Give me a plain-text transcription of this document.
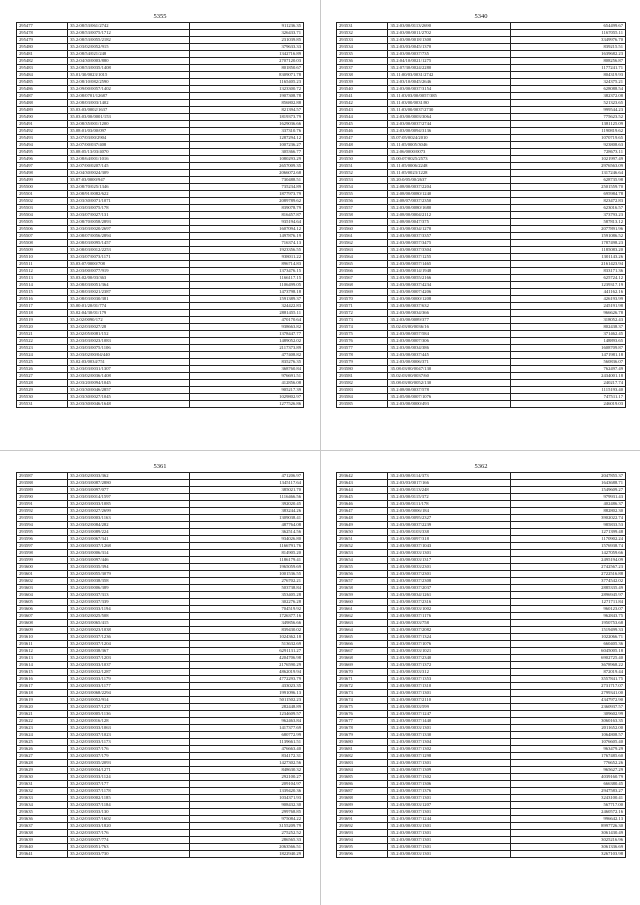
5355
295477	35.2:08/53/061/2742	911236.35
295478	35.2:08/53/0075/1712	326433.71
295479	35.2:08/53/0055/2182	231039.85
295480	35.2:03/02/0052/915	379633.33
295481	35.2:08/54/021/248	1342716.89
295482	35.2:04/30/0003/880	2707120.03
295483	35.2:08/53/0035/1408	801850.67
295484	35.01/30/0023/1015	8309071.78
295485	35.2:08/10/082/2590	1165405.23
295486	35.2:09/00/0057/1402	1323300.72
295487	35.2:08/0701/12687	1907308.78
295488	35.2:08/03/003/1402	856802.88
295489	35.03:03/0002/1637	821394.57
295490	35.03:03/00/0001/153	1819373.79
295491	35.2:08/35/001/1200	1629036.66
295492	35.08:01/03/00/097	337310.76
295493	35.2:07/03/00/2904	1287294.12
295494	35.2:07/00/037/408	1007236.27
295495	35.08:05/13/03/4070	305366.77
295496	35.2:08/64/001/1016	1080293.29
295497	35.2:07/00/0207/145	2657009.35
295498	35.2:04/30/0024/309	2066072.68
295499	35.07:03/0000/947	730488.51
295500	35.2:08/70/025/1346	735234.89
295501	35.2:08/91/0082/622	1877973.79
295502	35.2:03/30/0071/1071	2089789.62
295503	35.2:03/03/0075/178	839078.79
295504	35.2:03/07/0027/131	816457.87
295505	35.2:08/70/0058/2893	935194.64
295506	35.2:03/03/0020/2697	1607094.12
295507	35.2:08/07/0056/2894	1497876.19
295508	35.2:08/03/0095/1457	716374.13
295509	35.2:08/03/0012/2253	1923356.55
295510	35.2:03/07/0073/1171	938011.22
295511	35.03:07/0000/708	896714.83
295512	35.2:03/00/0077/919	1373476.15
295513	35.03:02/00/03/363	1166117.15
295514	35.2:08/03/0051/364	1106499.05
295515	35.2:08/03/0021/2387	1473798.18
295516	35.2:08/03/0030/381	1591389.37
295517	35.00:01/20/01/774	324422.83
295518	35.02:04/30/01/179	2881455.11
295519	35.2:02/0090/172	470170.64
295520	35.2:02/03/0027/28	938663.82
295521	35.2:02/05/0081/152	1378447.77
295522	35.2:03/03/0023/1083	1489052.02
295523	35.2:03/03/0075/1106	2117373.89
295524	35.2:03/02/00/04/440	477408.82
295525	35.02:03/0034/751	835276.35
295526	35.2:03/03/0031/1307	368760.84
295527	35.2:03/02/0036/1408	976691.51
295528	35.2:03/20/0094/1045	412856.08
295529	35.2:03/30/0046/2857	905217.39
295530	35.2:03/30/0027/1045	1029802.97
295531	35.2:03/30/0046/1648	1277526.86
5340
293531	35.2:03/00/0113/2690	654499.67
293532	35.2:03/00/0011/2702	1167055.11
293533	35.2:03/00/0018/1300	3349976.70
293534	35.2:03/03/0045/1370	839215.51
293535	35.2:03/00/0037/735	1639682.23
293536	35.2:04/10/0021/1275	808256.87
293537	35.2:07/30/0024/2280	1177241.71
293538	35.11:00/03/0031/2742	804319.93
293539	35.2:03/10/0045/2646	324375.21
293540	35.2:03/00/0037/3154	628088.54
293541	35.11:03/03/00/0057/385	382372.08
293542	35.11:03/00/0031/80	521323.65
293543	35.11:03/00/0037/2730	999544.23
293544	35.2:03/00/0003/3064	775623.52
293545	35.2:03/00/0037/2744	1381125.09
293546	35.2:03/00/0094/3136	1190819.62
293547	35.07:05/0024/2010	1070719.65
293548	35.11:05/0005/3046	923808.63
293549	35.2:06/0000/0073	728673.11
293550	35.00:07/0025/2573	1021997.49
293551	35.11:05/0006/2248	2976563.09
293552	35.11:05/0023/1228	1317246.64
293553	35.20:0/05/00/2637	628735.98
293554	35.2:08/00/0037/2204	2501559.70
293555	35.2:08/00/0080/1240	695984.78
293556	35.2:08/07/0037/2350	823472.83
293557	35.2:03/00/0080/1680	623016.57
293558	35.2:08/00/0004/2112	373793.23
293559	35.2:08/00/0047/375	587813.12
293560	35.2:03/00/0034/1270	2077891.96
293561	35.2:03/00/0037/3357	1591086.52
293562	35.2:03/00/0057/3475	1787498.23
293563	35.2:03/00/0037/3304	1185083.20
293564	35.2:03/00/0037/1255	1301143.26
293565	35.2:03/00/0057/1465	2161423.94
293566	35.2:03/00/0014/1948	833171.36
293567	35.2:03/00/0055/2166	625724.12
293568	35.2:03/00/0037/4234	1239317.19
293569	35.2:03/00/0007/4206	441162.16
293570	35.2:03/00/0000/1208	426193.99
293571	35.2:03/00/0037/632	245191.98
293572	35.2:03/00/0034/366	966626.78
293573	35.2:03/00/0089/377	318052.43
293574	35.02:03/00/0036/16	802438.37
293575	35.2:03/00/0057/584	371462.45
293576	35.2:03/00/0007/306	148893.65
293577	35.2:03/00/0034/386	1608709.87
293578	35.2:03/00/0037/445	1471981.18
293579	35.2:03/00/0006/371	560836.07
293580	35.08:03/00/0047/130	762497.49
293581	35.02:03/00/0037/60	2434001.18
293582	35.08:03/00/0052/130	240217.74
293583	35.2:08/00/0037/578	1115193.40
293584	35.2:05/00/0007/1076	747511.17
293585	35.2:03/00/0000/493	246019.03
5361
293587	35.2:03/02/0033/362	471206.97
293588	35.2:03/03/0087/2880	1345117.64
293589	35.2:03/03/0097/077	385021.70
293590	35.2:03/03/0014/1597	1116466.56
293591	35.2:02/03/0033/1085	392020.45
293592	35.2:02/03/0027/2699	383244.26
293593	35.2:03/03/0003/1163	1309038.41
293594	35.2:03/02/0084/282	487764.08
293595	35.2:02/03/0089/224	362514.56
293596	35.2:02/03/0067/341	934026.80
293597	35.2:03/03/0037/1268	1166791.76
293598	35.2:03/03/0006/314	814905.20
293599	35.2:03/03/0097/446	1186179.41
293600	35.2:03/03/0035/394	1965059.69
293601	35.2:02/03/0055/3079	1001536.55
293602	35.2:02/03/0038/358	276702.21
293603	35.2:02/03/0006/389	503738.84
293604	35.2:02/03/0037/313	353405.28
293605	35.2:02/03/0037/339	302276.28
293606	35.2:02/03/0033/1194	704519.92
293607	35.2:03/02/0025/508	1726377.16
293608	35.2:02/03/0065/415	349856.66
293609	35.2:02/03/0023/1038	839430.02
293610	35.2:02/03/0037/1236	1024362.18
293611	35.2:02/03/0037/1204	513632.69
293612	35.2:02/03/0038/367	6291131.27
293613	35.2:02/03/0037/1203	4204706.98
293614	35.2:02/03/0033/1037	2176590.29
293615	35.2:02/03/0032/1287	4862019.94
293616	35.2:02/03/0033/1179	4772293.79
293617	35.2:02/03/0033/1177	433023.35
293618	35.2:02/03/0068/2294	1991096.13
293619	35.2:02/03/0052/914	5011502.23
293620	35.2:02/03/0037/1237	282448.89
293621	35.2:02/03/0005/1136	1234609.57
293622	35.2:02/03/0016/128	962463.84
293623	35.2:02/03/0033/1063	1417377.69
293624	35.2:02/03/0037/1023	680772.99
293625	35.2:02/03/0033/1173	1139661.51
293626	35.2:02/03/0037/176	476663.40
293627	35.2:02/03/0037/179	834172.31
293628	35.2:02/03/0035/2093	1427302.56
293629	35.2:02/03/0034/1271	848630.32
293630	35.2:02/03/0033/1124	292100.27
293631	35.2:02/03/0037/177	209104.97
293632	35.2:02/03/0037/1178	1339420.36
293633	35.2:02/03/0002/1185	1034371.93
293634	35.2:02/03/0037/1184	908432.30
293635	35.2:02/03/0033/130	299768.85
293636	35.2:02/03/0037/1602	975084.22
293637	35.2:02/03/0033/1820	3155209.79
293638	35.2:02/03/0037/176	275252.52
293639	35.2:02/03/0037/774	286565.33
293640	35.2:02/03/0051/763	2063566.51
293641	35.2:02/03/0033/730	1822940.29
5362
293642	35.2:03/00/0114/373	2047855.37
293643	35.2:03/03/0017/166	1643688.71
293644	35.2:03/00/0113/248	1549609.27
293645	35.2:03/00/0115/372	979931.43
293646	35.2:03/00/0111/178	402486.37
293647	35.2:03/00/0006/184	882802.30
293648	35.2:03/00/0095/2327	3902022.74
293649	35.2:03/00/0037/2239	985833.53
293650	35.2:03/00/0103/338	1271399.48
293651	35.2:03/00/0097/318	1170902.24
293652	35.2:03/00/0037/1043	1576938.74
293653	35.2:03/00/0033/1301	1427059.66
293654	35.2:03/00/0033/1317	2495194.09
293655	35.2:03/00/0033/2301	2742567.23
293656	35.2:03/00/0037/2301	2722516.88
293657	35.2:03/00/0037/2308	3774542.02
293658	35.2:03/00/0037/2037	2885335.49
293659	35.2:03/00/0034/1261	2896945.97
293660	35.2:03/00/0037/2316	1271711.84
293661	35.2:03/00/0033/1002	960123.07
293662	35.2:03/00/0037/1176	962843.75
293663	35.2:03/00/0033/758	1950753.68
293664	35.2:03/00/0037/2082	1519499.33
293665	35.2:03/00/0037/1324	1022066.71
293666	35.2:03/00/0037/1076	660405.36
293667	35.2:03/00/0033/1021	6045005.18
293668	35.2:03/00/0037/2340	6902725.40
293669	35.2:03/00/0037/1372	3678968.22
293670	35.2:03/00/0033/312	872019.44
293671	35.2:03/00/0037/1353	3557841.75
293672	35.2:03/00/0037/1310	2731717.07
293673	35.2:03/00/0037/1301	2799341.00
293674	35.2:03/00/0037/2110	4347972.90
293675	35.2:03/00/0033/599	2360937.57
293676	35.2:03/00/0037/1247	309602.99
293677	35.2:03/00/0037/1440	3060163.35
293678	35.2:03/00/0033/1301	2011652.00
293679	35.2:03/00/0037/1330	1064808.57
293680	35.2:03/00/0037/1304	1076605.40
293681	35.2:03/00/0037/1302	963479.29
293682	35.2:03/00/0037/1298	1767485.60
293683	35.2:03/00/0037/1301	776652.26
293684	35.2:03/00/0037/1309	965627.29
293685	35.2:03/00/0037/1302	4039160.79
293686	35.2:03/00/0037/1306	666380.45
293687	35.2:03/00/0037/1376	2947583.27
293688	35.2:03/00/0037/1301	3243100.41
293689	35.2:03/00/0033/1207	567717.00
293690	35.2:03/00/0037/1301	2460572.16
293691	35.2:03/00/0037/1244	996642.13
293692	35.2:03/00/0033/1301	8997726.30
293693	35.2:03/00/0037/1301	3061430.49
293694	35.2:03/00/0037/1301	3025216.96
293695	35.2:03/00/0037/1301	3061336.69
293696	35.2:03/00/0033/1301	3267103.98
